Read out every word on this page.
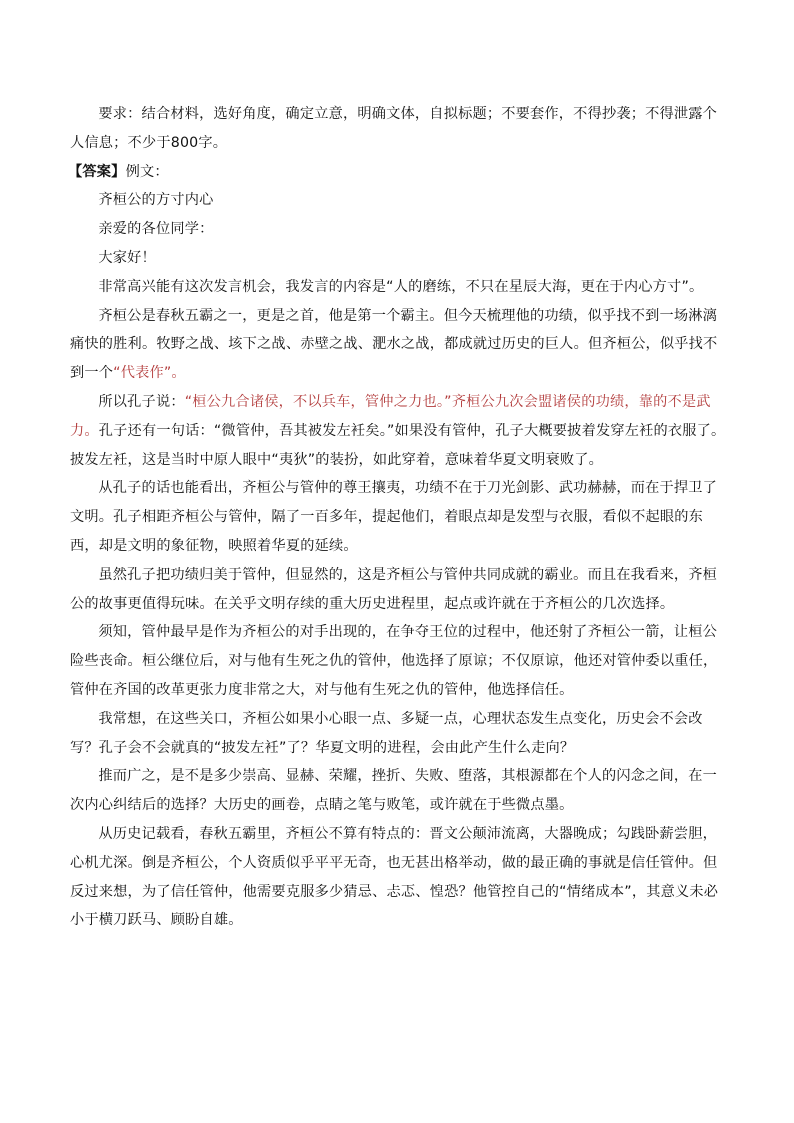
要求：结合材料，选好角度，确定立意，明确文体，自拟标题；不要套作，不得抄袭；不得泄露个人信息；不少于800字。

【答案】例文：

齐桓公的方寸内心

亲爱的各位同学：

大家好！

非常高兴能有这次发言机会，我发言的内容是“人的磨练，不只在星辰大海，更在于内心方寸”。

齐桓公是春秋五霸之一，更是之首，他是第一个霸主。但今天梳理他的功绩，似乎找不到一场淋漓痛快的胜利。牧野之战、垓下之战、赤壁之战、淝水之战，都成就过历史的巨人。但齐桓公，似乎找不到一个“代表作”。

所以孔子说：“桓公九合诸侯，不以兵车，管仲之力也。”齐桓公九次会盟诸侯的功绩，靠的不是武力。孔子还有一句话：“微管仲，吾其被发左衽矣。”如果没有管仲，孔子大概要披着发穿左衽的衣服了。披发左衽，这是当时中原人眼中“夷狄”的装扮，如此穿着，意味着华夏文明衰败了。

从孔子的话也能看出，齐桓公与管仲的尊王攘夷，功绩不在于刀光剑影、武功赫赫，而在于捍卫了文明。孔子相距齐桓公与管仲，隔了一百多年，提起他们，着眼点却是发型与衣服，看似不起眼的东西，却是文明的象征物，映照着华夏的延续。

虽然孔子把功绩归美于管仲，但显然的，这是齐桓公与管仲共同成就的霸业。而且在我看来，齐桓公的故事更值得玩味。在关乎文明存续的重大历史进程里，起点或许就在于齐桓公的几次选择。

须知，管仲最早是作为齐桓公的对手出现的，在争夺王位的过程中，他还射了齐桓公一箭，让桓公险些丧命。桓公继位后，对与他有生死之仇的管仲，他选择了原谅；不仅原谅，他还对管仲委以重任，管仲在齐国的改革更张力度非常之大，对与他有生死之仇的管仲，他选择信任。

我常想，在这些关口，齐桓公如果小心眼一点、多疑一点，心理状态发生点变化，历史会不会改写？孔子会不会就真的“披发左衽”了？华夏文明的进程，会由此产生什么走向？

推而广之，是不是多少崇高、显赫、荣耀，挫折、失败、堕落，其根源都在个人的闪念之间，在一次内心纠结后的选择？大历史的画卷，点睛之笔与败笔，或许就在于些微点墨。

从历史记载看，春秋五霸里，齐桓公不算有特点的：晋文公颠沛流离，大器晚成；勾践卧薪尝胆，心机尤深。倒是齐桓公，个人资质似乎平平无奇，也无甚出格举动，做的最正确的事就是信任管仲。但反过来想，为了信任管仲，他需要克服多少猜忌、忐忑、惶恐？他管控自己的“情绪成本”，其意义未必小于横刀跃马、顾盼自雄。
